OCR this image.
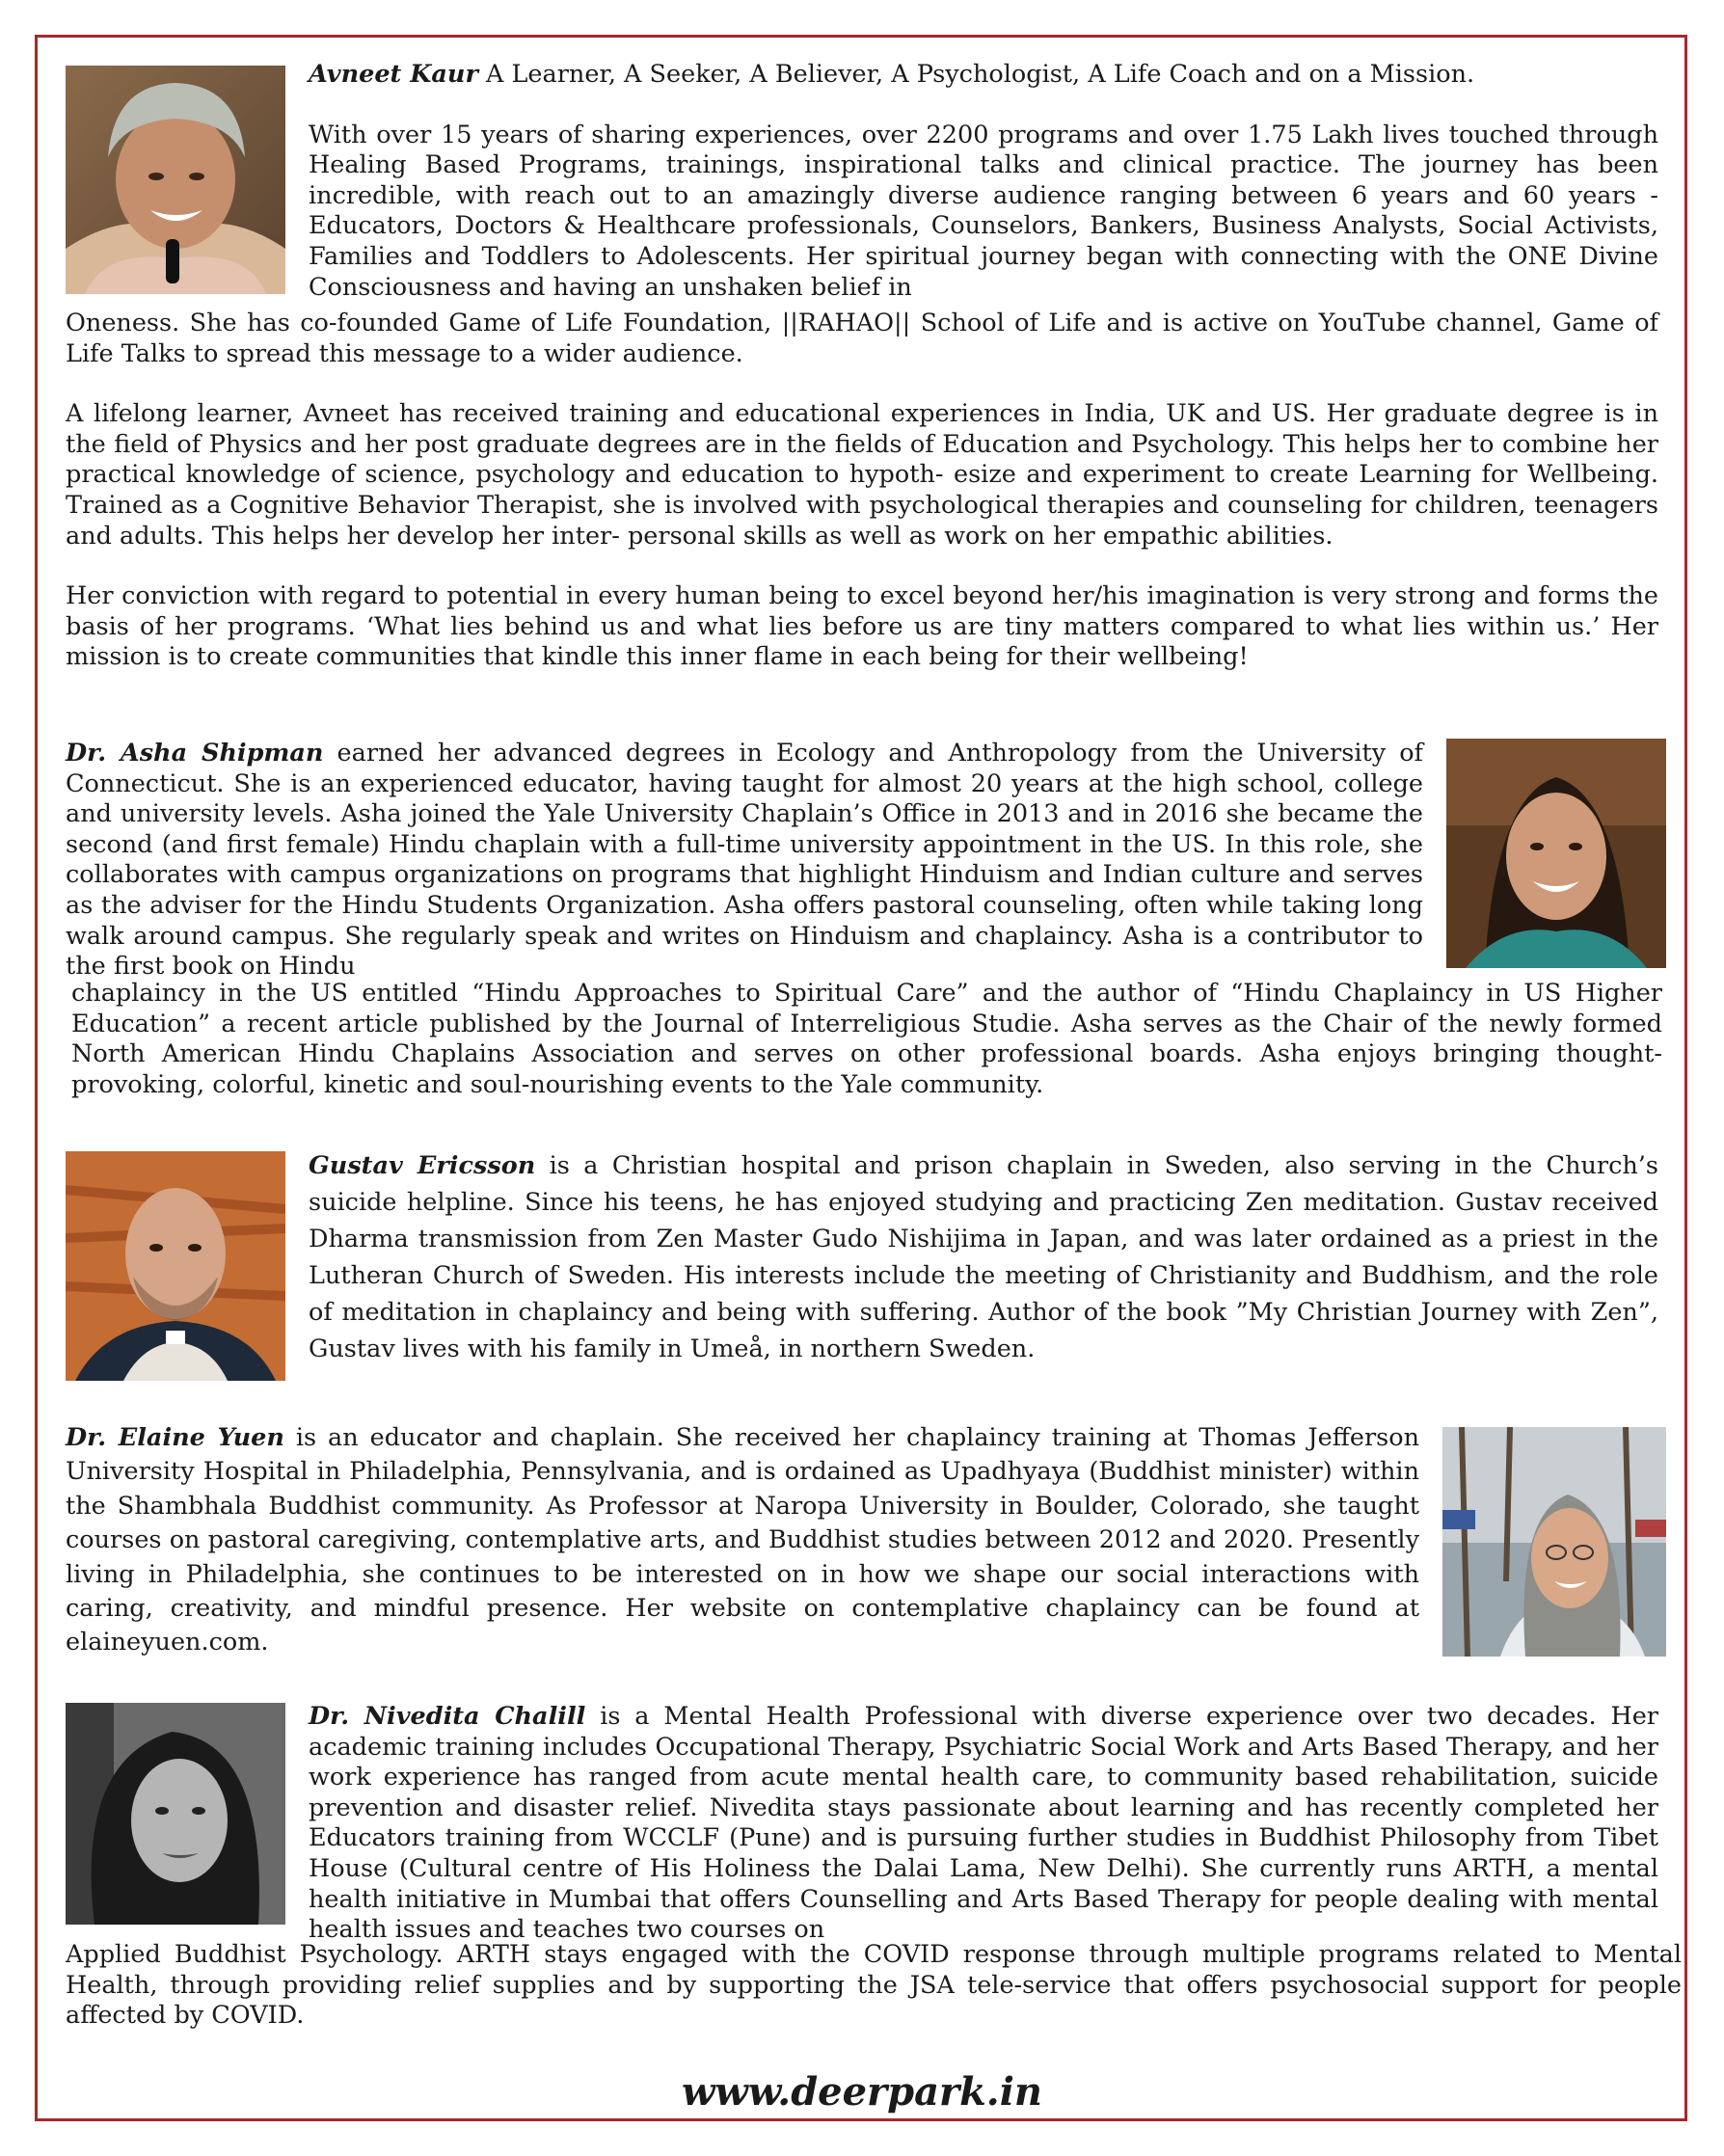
Avneet Kaur A Learner, A Seeker, A Believer, A Psychologist, A Life Coach and on a Mission.

With over 15 years of sharing experiences, over 2200 programs and over 1.75 Lakh lives touched through Healing Based Programs, trainings, inspirational talks and clinical practice. The journey has been incredible, with reach out to an amazingly diverse audience ranging between 6 years and 60 years - Educators, Doctors & Healthcare professionals, Counselors, Bankers, Business Analysts, Social Activists, Families and Toddlers to Adolescents. Her spiritual journey began with connecting with the ONE Divine Consciousness and having an unshaken belief in

Oneness. She has co-founded Game of Life Foundation, ||RAHAO|| School of Life and is active on YouTube channel, Game of Life Talks to spread this message to a wider audience.

A lifelong learner, Avneet has received training and educational experiences in India, UK and US. Her graduate degree is in the field of Physics and her post graduate degrees are in the fields of Education and Psychology. This helps her to combine her practical knowledge of science, psychology and education to hypoth- esize and experiment to create Learning for Wellbeing. Trained as a Cognitive Behavior Therapist, she is involved with psychological therapies and counseling for children, teenagers and adults. This helps her develop her inter- personal skills as well as work on her empathic abilities.

Her conviction with regard to potential in every human being to excel beyond her/his imagination is very strong and forms the basis of her programs. ‘What lies behind us and what lies before us are tiny matters compared to what lies within us.’ Her mission is to create communities that kindle this inner flame in each being for their wellbeing!

Dr. Asha Shipman earned her advanced degrees in Ecology and Anthropology from the University of Connecticut. She is an experienced educator, having taught for almost 20 years at the high school, college and university levels. Asha joined the Yale University Chaplain’s Office in 2013 and in 2016 she became the second (and first female) Hindu chaplain with a full-time university appointment in the US. In this role, she collaborates with campus organizations on programs that highlight Hinduism and Indian culture and serves as the adviser for the Hindu Students Organization. Asha offers pastoral counseling, often while taking long walk around campus. She regularly speak and writes on Hinduism and chaplaincy. Asha is a contributor to the first book on Hindu

chaplaincy in the US entitled “Hindu Approaches to Spiritual Care” and the author of “Hindu Chaplaincy in US Higher Education” a recent article published by the Journal of Interreligious Studie. Asha serves as the Chair of the newly formed North American Hindu Chaplains Association and serves on other professional boards. Asha enjoys bringing thought-provoking, colorful, kinetic and soul-nourishing events to the Yale community.

Gustav Ericsson is a Christian hospital and prison chaplain in Sweden, also serving in the Church’s suicide helpline. Since his teens, he has enjoyed studying and practicing Zen meditation. Gustav received Dharma transmission from Zen Master Gudo Nishijima in Japan, and was later ordained as a priest in the Lutheran Church of Sweden. His interests include the meeting of Christianity and Buddhism, and the role of meditation in chaplaincy and being with suffering. Author of the book ”My Christian Journey with Zen”, Gustav lives with his family in Umeå, in northern Sweden.

Dr. Elaine Yuen is an educator and chaplain. She received her chaplaincy training at Thomas Jefferson University Hospital in Philadelphia, Pennsylvania, and is ordained as Upadhyaya (Buddhist minister) within the Shambhala Buddhist community. As Professor at Naropa University in Boulder, Colorado, she taught courses on pastoral caregiving, contemplative arts, and Buddhist studies between 2012 and 2020. Presently living in Philadelphia, she continues to be interested on in how we shape our social interactions with caring, creativity, and mindful presence. Her website on contemplative chaplaincy can be found at elaineyuen.com.

Dr. Nivedita Chalill is a Mental Health Professional with diverse experience over two decades. Her academic training includes Occupational Therapy, Psychiatric Social Work and Arts Based Therapy, and her work experience has ranged from acute mental health care, to community based rehabilitation, suicide prevention and disaster relief. Nivedita stays passionate about learning and has recently completed her Educators training from WCCLF (Pune) and is pursuing further studies in Buddhist Philosophy from Tibet House (Cultural centre of His Holiness the Dalai Lama, New Delhi). She currently runs ARTH, a mental health initiative in Mumbai that offers Counselling and Arts Based Therapy for people dealing with mental health issues and teaches two courses on

Applied Buddhist Psychology. ARTH stays engaged with the COVID response through multiple programs related to Mental Health, through providing relief supplies and by supporting the JSA tele-service that offers psychosocial support for people affected by COVID.

www.deerpark.in
